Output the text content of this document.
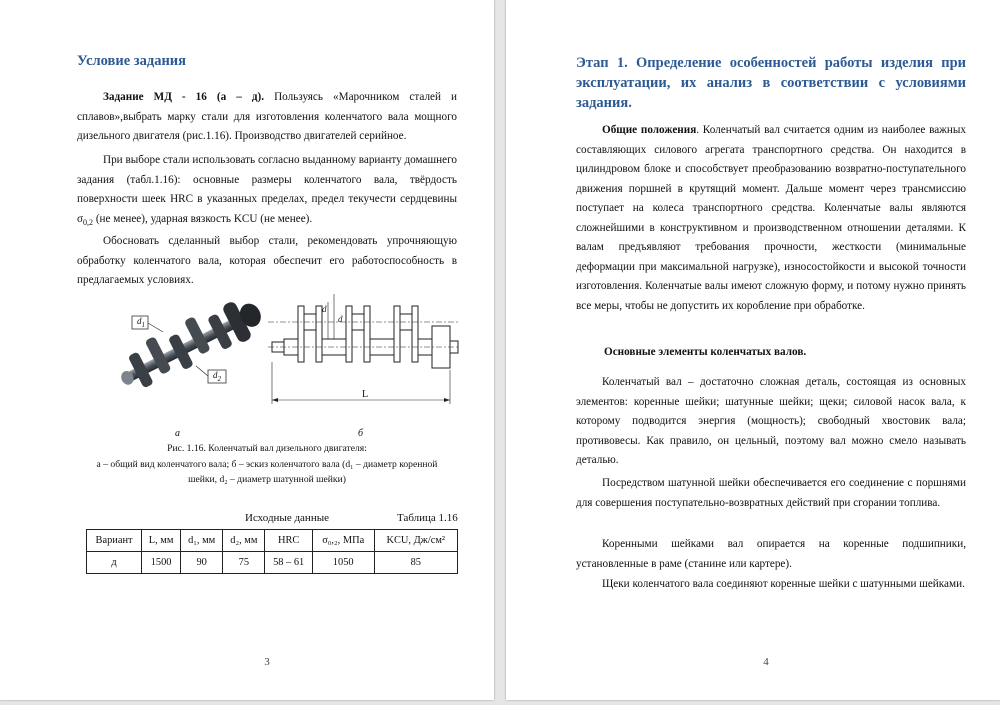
Условие задания

Задание МД - 16 (а – д). Пользуясь «Марочником сталей и сплавов»,выбрать марку стали для изготовления коленчатого вала мощного дизельного двигателя (рис.1.16). Производство двигателей серийное.

При выборе стали использовать согласно выданному варианту домашнего задания (табл.1.16): основные размеры коленчатого вала, твёрдость поверхности шеек HRC в указанных пределах, предел текучести сердцевины $\sigma_{0,2}$ (не менее), ударная вязкость KCU (не менее).

Обосновать сделанный выбор стали, рекомендовать упрочняющую обработку коленчатого вала, которая обеспечит его работоспособность в предлагаемых условиях.

$d_1$
$d_2$
d
d
L
а	б
Рис. 1.16. Коленчатый вал дизельного двигателя:
а – общий вид коленчатого вала; б – эскиз коленчатого вала (d₁ – диаметр коренной
шейки, d₂ – диаметр шатунной шейки)
Исходные данные	Таблица 1.16
Вариант	L, мм	d₁, мм	d₂, мм	HRC	σ₀,₂, МПа	KCU, Дж/см²
д	1500	90	75	58 – 61	1050	85
3
Этап 1. Определение особенностей работы изделия при эксплуатации, их анализ в соответствии с условиями задания.

Общие положения. Коленчатый вал считается одним из наиболее важных составляющих силового агрегата транспортного средства. Он находится в цилиндровом блоке и способствует преобразованию возвратно-поступательного движения поршней в крутящий момент. Дальше момент через трансмиссию поступает на колеса транспортного средства. Коленчатые валы являются сложнейшими в конструктивном и производственном отношении деталями. К валам предъявляют требования прочности, жесткости (минимальные деформации при максимальной нагрузке), износостойкости и высокой точности изготовления. Коленчатые валы имеют сложную форму, и потому нужно принять все меры, чтобы не допустить их коробление при обработке.

Основные элементы коленчатых валов.

Коленчатый вал – достаточно сложная деталь, состоящая из основных элементов: коренные шейки; шатунные шейки; щеки; силовой насок вала, к которому подводится энергия (мощность); свободный хвостовик вала; противовесы. Как правило, он цельный, поэтому вал можно смело называть деталью.

Посредством шатунной шейки обеспечивается его соединение с поршнями для совершения поступательно-возвратных действий при сгорании топлива.

Коренными шейками вал опирается на коренные подшипники, установленные в раме (станине или картере).

Щеки коленчатого вала соединяют коренные шейки с шатунными шейками.

4
